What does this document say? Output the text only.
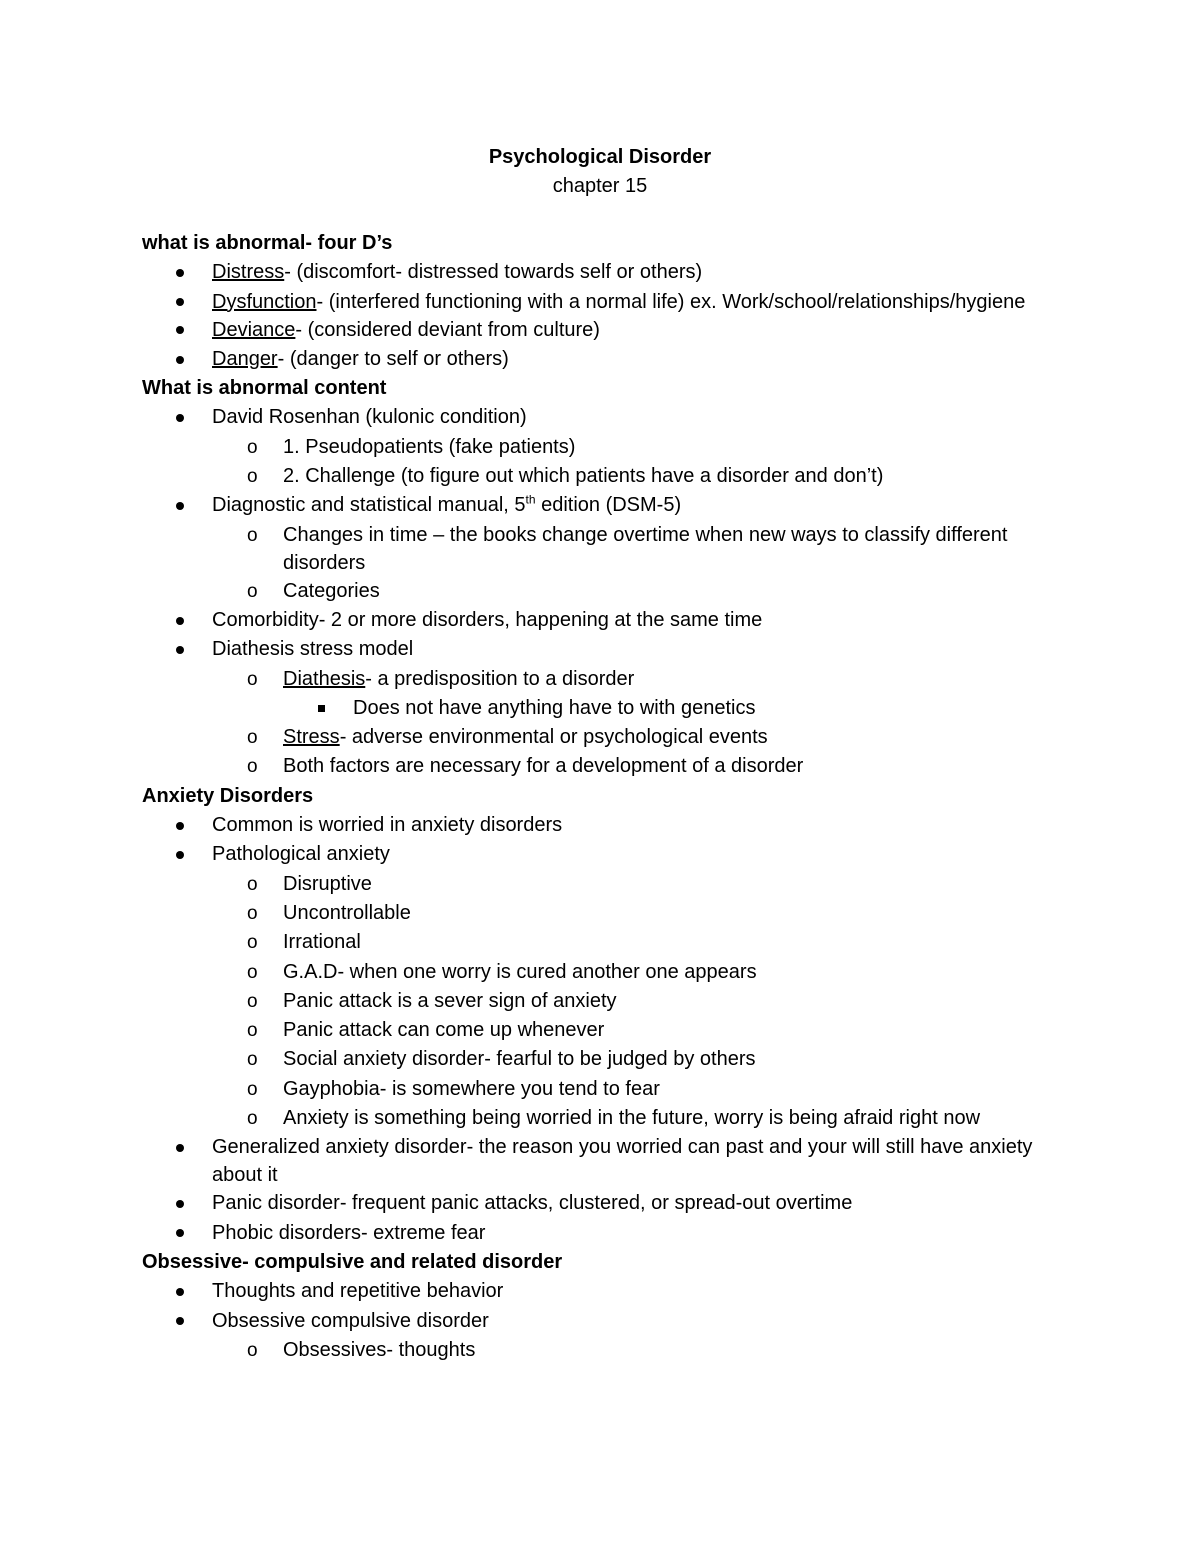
Psychological Disorder
chapter 15
what is abnormal- four D’s
Distress- (discomfort- distressed towards self or others)
Dysfunction- (interfered functioning with a normal life) ex. Work/school/relationships/hygiene
Deviance- (considered deviant from culture)
Danger- (danger to self or others)
What is abnormal content
David Rosenhan (kulonic condition)
o 1. Pseudopatients (fake patients)
o 2. Challenge (to figure out which patients have a disorder and don’t)
Diagnostic and statistical manual, 5th edition (DSM-5)
o Changes in time – the books change overtime when new ways to classify different disorders
o Categories
Comorbidity- 2 or more disorders, happening at the same time
Diathesis stress model
o Diathesis- a predisposition to a disorder
Does not have anything have to with genetics
o Stress- adverse environmental or psychological events
o Both factors are necessary for a development of a disorder
Anxiety Disorders
Common is worried in anxiety disorders
Pathological anxiety
o Disruptive
o Uncontrollable
o Irrational
o G.A.D- when one worry is cured another one appears
o Panic attack is a sever sign of anxiety
o Panic attack can come up whenever
o Social anxiety disorder- fearful to be judged by others
o Gayphobia- is somewhere you tend to fear
o Anxiety is something being worried in the future, worry is being afraid right now
Generalized anxiety disorder- the reason you worried can past and your will still have anxiety about it
Panic disorder- frequent panic attacks, clustered, or spread-out overtime
Phobic disorders- extreme fear
Obsessive- compulsive and related disorder
Thoughts and repetitive behavior
Obsessive compulsive disorder
o Obsessives- thoughts
